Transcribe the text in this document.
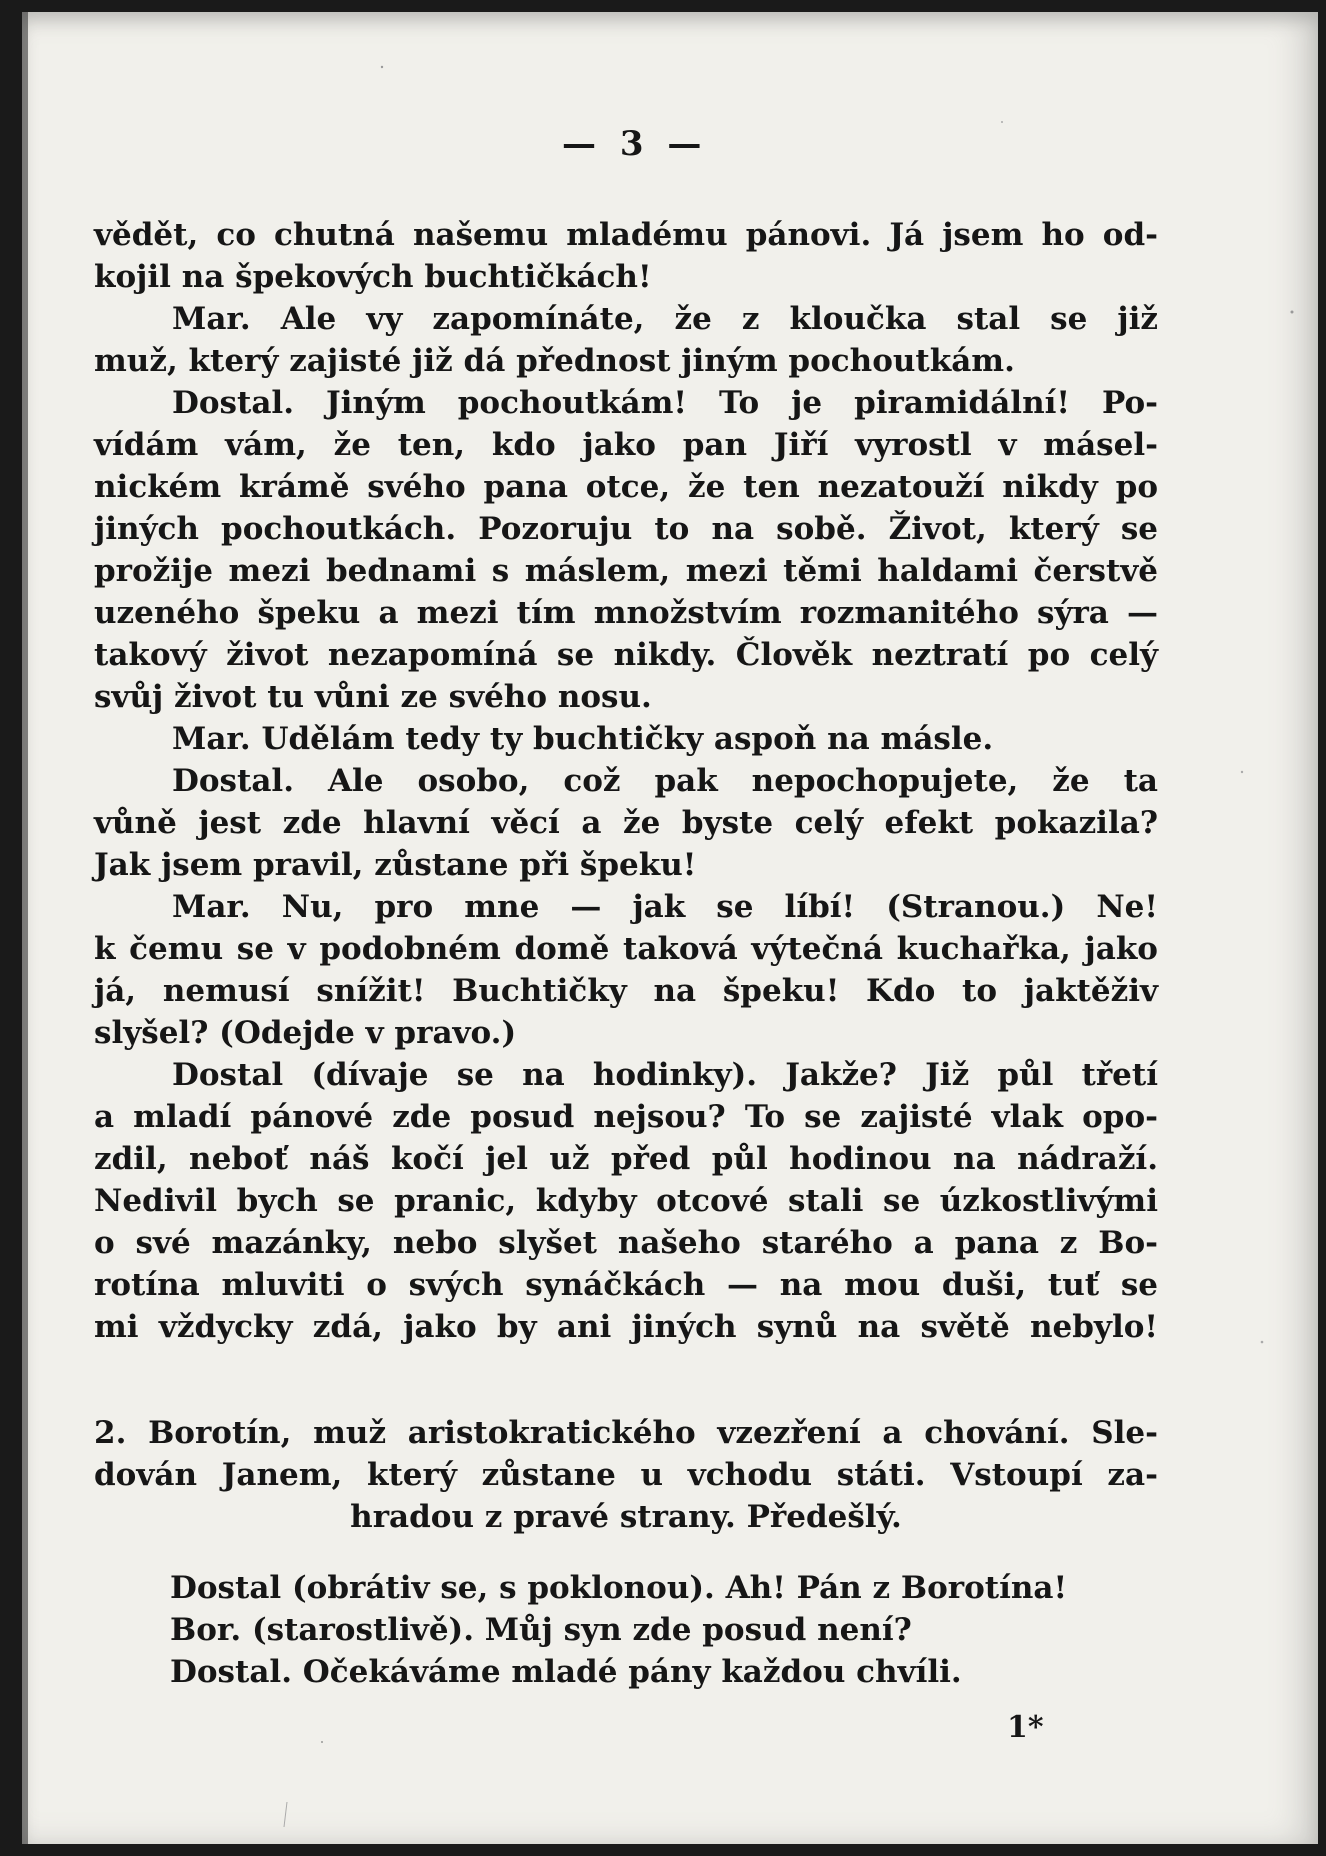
— 3 —
vědět, co chutná našemu mladému pánovi. Já jsem ho od-
kojil na špekových buchtičkách!
Mar. Ale vy zapomínáte, že z kloučka stal se již
muž, který zajisté již dá přednost jiným pochoutkám.
Dostal. Jiným pochoutkám! To je piramidální! Po-
vídám vám, že ten, kdo jako pan Jiří vyrostl v másel-
nickém krámě svého pana otce, že ten nezatouží nikdy po
jiných pochoutkách. Pozoruju to na sobě. Život, který se
prožije mezi bednami s máslem, mezi těmi haldami čerstvě
uzeného špeku a mezi tím množstvím rozmanitého sýra —
takový život nezapomíná se nikdy. Člověk neztratí po celý
svůj život tu vůni ze svého nosu.
Mar. Udělám tedy ty buchtičky aspoň na másle.
Dostal. Ale osobo, což pak nepochopujete, že ta
vůně jest zde hlavní věcí a že byste celý efekt pokazila?
Jak jsem pravil, zůstane při špeku!
Mar. Nu, pro mne — jak se líbí! (Stranou.) Ne!
k čemu se v podobném domě taková výtečná kuchařka, jako
já, nemusí snížit! Buchtičky na špeku! Kdo to jaktěživ
slyšel? (Odejde v pravo.)
Dostal (dívaje se na hodinky). Jakže? Již půl třetí
a mladí pánové zde posud nejsou? To se zajisté vlak opo-
zdil, neboť náš kočí jel už před půl hodinou na nádraží.
Nedivil bych se pranic, kdyby otcové stali se úzkostlivými
o své mazánky, nebo slyšet našeho starého a pana z Bo-
rotína mluviti o svých synáčkách — na mou duši, tuť se
mi vždycky zdá, jako by ani jiných synů na světě nebylo!
2. Borotín, muž aristokratického vzezření a chování. Sle-
dován Janem, který zůstane u vchodu státi. Vstoupí za-
hradou z pravé strany. Předešlý.
Dostal (obrátiv se, s poklonou). Ah! Pán z Borotína!
Bor. (starostlivě). Můj syn zde posud není?
Dostal. Očekáváme mladé pány každou chvíli.
1*
